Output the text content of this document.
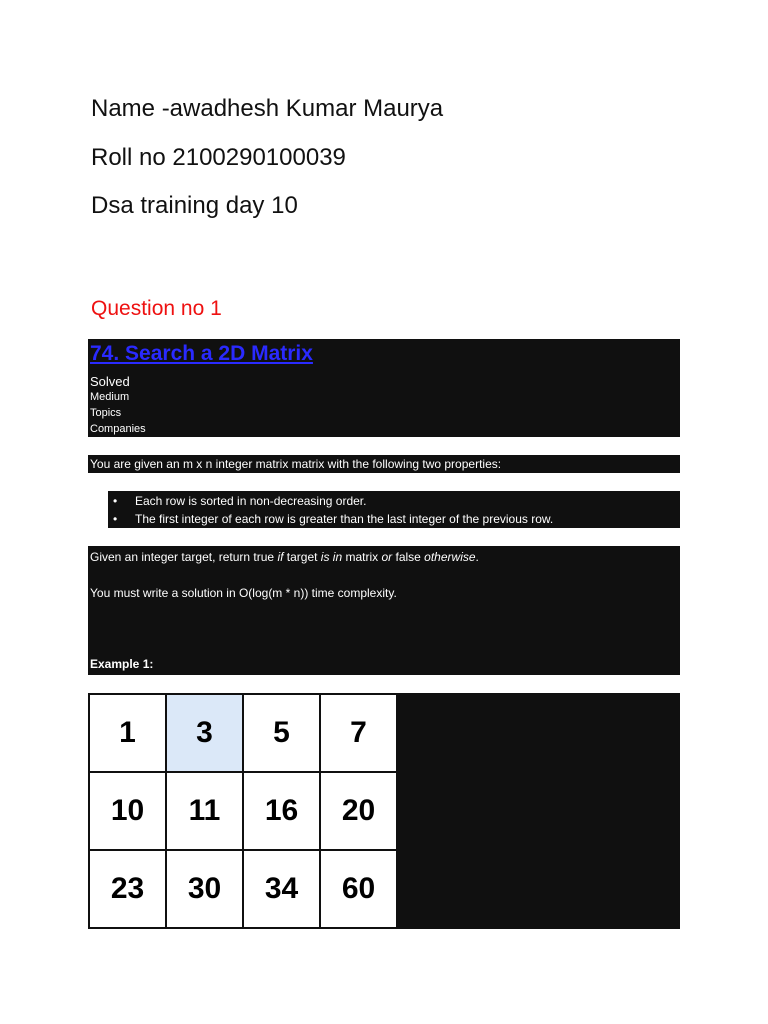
Name -awadhesh Kumar Maurya
Roll no 2100290100039
Dsa training day 10
Question no 1
74. Search a 2D Matrix
Solved
Medium
Topics
Companies
You are given an m x n integer matrix matrix with the following two properties:
• Each row is sorted in non-decreasing order.
• The first integer of each row is greater than the last integer of the previous row.
Given an integer target, return true if target is in matrix or false otherwise.
You must write a solution in O(log(m * n)) time complexity.
Example 1:
1	3	5	7
10	11	16	20
23	30	34	60
